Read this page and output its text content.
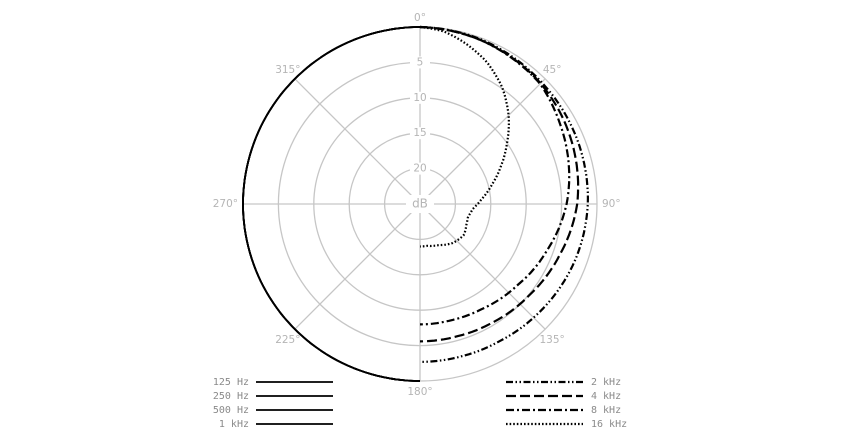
0°
45°
90°
135°
180°
225°
270°
315°
5
10
15
20
dB
125 Hz
250 Hz
500 Hz
1 kHz
2 kHz
4 kHz
8 kHz
16 kHz
